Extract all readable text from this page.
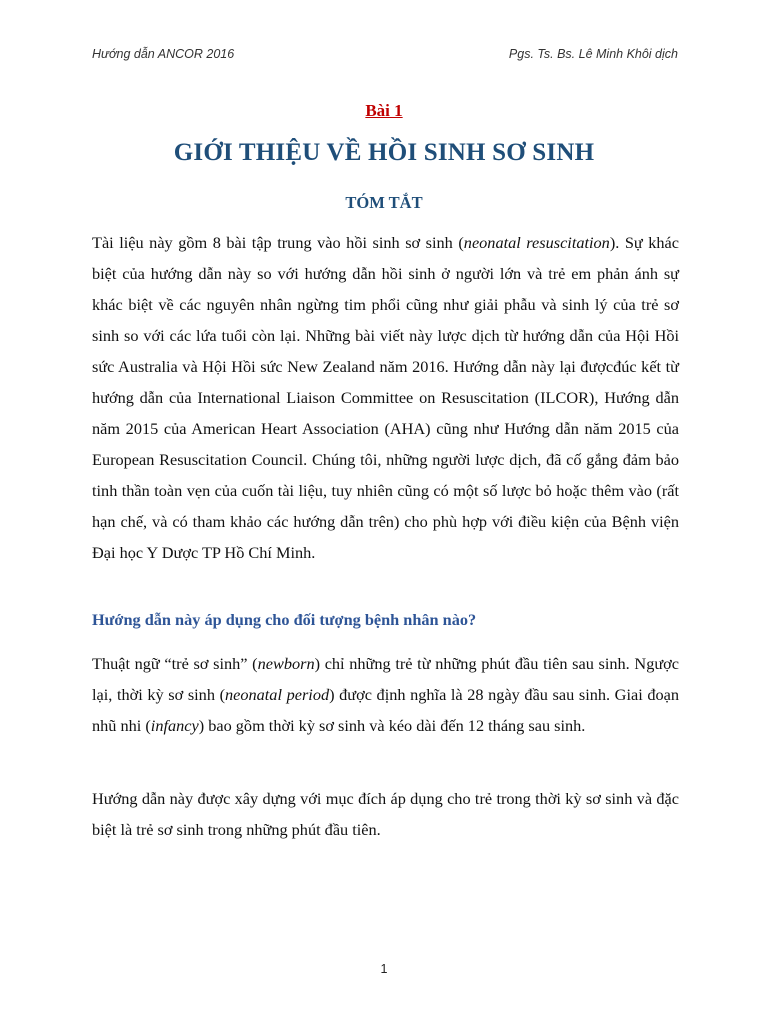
Hướng dẫn ANCOR 2016	Pgs. Ts. Bs. Lê Minh Khôi dịch
Bài 1
GIỚI THIỆU VỀ HỒI SINH SƠ SINH
TÓM TẮT

Tài liệu này gồm 8 bài tập trung vào hồi sinh sơ sinh (neonatal resuscitation). Sự khác biệt của hướng dẫn này so với hướng dẫn hồi sinh ở người lớn và trẻ em phản ánh sự khác biệt về các nguyên nhân ngừng tim phổi cũng như giải phẫu và sinh lý của trẻ sơ sinh so với các lứa tuổi còn lại. Những bài viết này lược dịch từ hướng dẫn của Hội Hồi sức Australia và Hội Hồi sức New Zealand năm 2016. Hướng dẫn này lại đượcđúc kết từ hướng dẫn của International Liaison Committee on Resuscitation (ILCOR), Hướng dẫn năm 2015 của American Heart Association (AHA) cũng như Hướng dẫn năm 2015 của European Resuscitation Council. Chúng tôi, những người lược dịch, đã cố gắng đảm bảo tinh thần toàn vẹn của cuốn tài liệu, tuy nhiên cũng có một số lược bỏ hoặc thêm vào (rất hạn chế, và có tham khảo các hướng dẫn trên) cho phù hợp với điều kiện của Bệnh viện Đại học Y Dược TP Hồ Chí Minh.

Hướng dẫn này áp dụng cho đối tượng bệnh nhân nào?

Thuật ngữ “trẻ sơ sinh” (newborn) chỉ những trẻ từ những phút đầu tiên sau sinh. Ngược lại, thời kỳ sơ sinh (neonatal period) được định nghĩa là 28 ngày đầu sau sinh. Giai đoạn nhũ nhi (infancy) bao gồm thời kỳ sơ sinh và kéo dài đến 12 tháng sau sinh.

Hướng dẫn này được xây dựng với mục đích áp dụng cho trẻ trong thời kỳ sơ sinh và đặc biệt là trẻ sơ sinh trong những phút đầu tiên.

1
